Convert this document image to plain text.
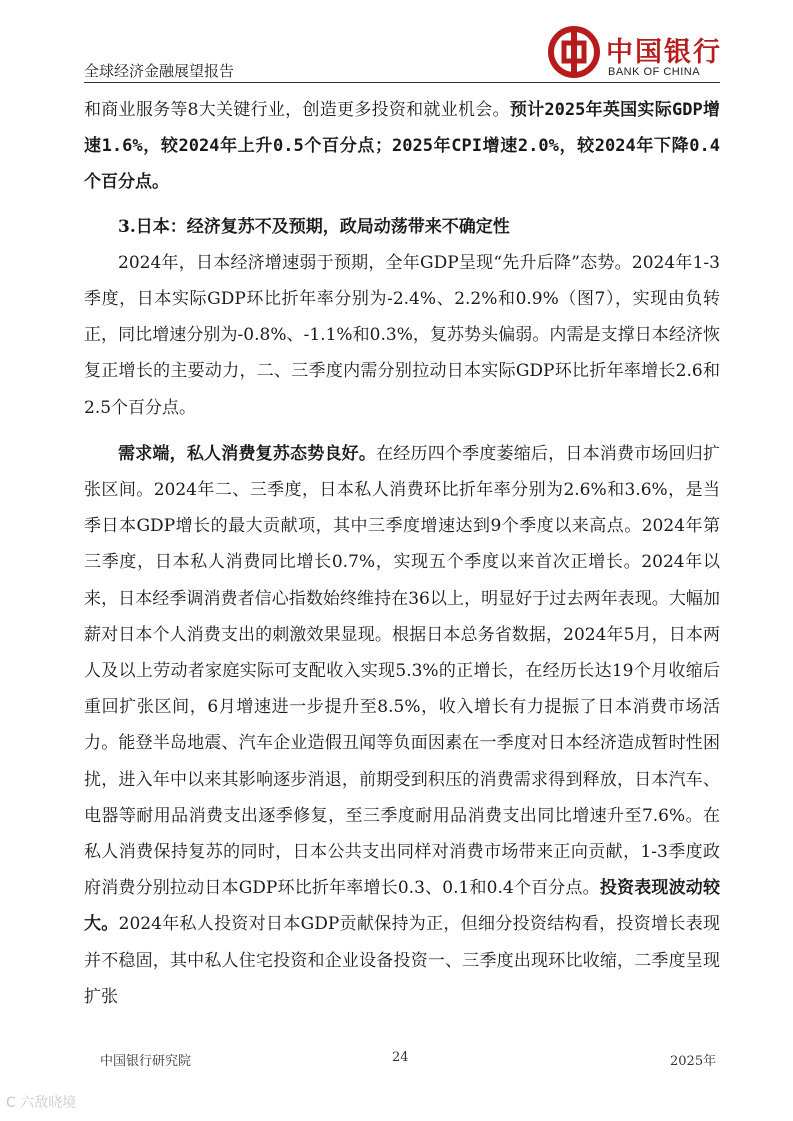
全球经济金融展望报告
中国银行
BANK OF CHINA

和商业服务等8大关键行业，创造更多投资和就业机会。预计2025年英国实际GDP增速1.6%，较2024年上升0.5个百分点；2025年CPI增速2.0%，较2024年下降0.4个百分点。

3.日本：经济复苏不及预期，政局动荡带来不确定性

2024年，日本经济增速弱于预期，全年GDP呈现“先升后降”态势。2024年1-3季度，日本实际GDP环比折年率分别为-2.4%、2.2%和0.9%（图7），实现由负转正，同比增速分别为-0.8%、-1.1%和0.3%，复苏势头偏弱。内需是支撑日本经济恢复正增长的主要动力，二、三季度内需分别拉动日本实际GDP环比折年率增长2.6和2.5个百分点。

需求端，私人消费复苏态势良好。在经历四个季度萎缩后，日本消费市场回归扩张区间。2024年二、三季度，日本私人消费环比折年率分别为2.6%和3.6%，是当季日本GDP增长的最大贡献项，其中三季度增速达到9个季度以来高点。2024年第三季度，日本私人消费同比增长0.7%，实现五个季度以来首次正增长。2024年以来，日本经季调消费者信心指数始终维持在36以上，明显好于过去两年表现。大幅加薪对日本个人消费支出的刺激效果显现。根据日本总务省数据，2024年5月，日本两人及以上劳动者家庭实际可支配收入实现5.3%的正增长，在经历长达19个月收缩后重回扩张区间，6月增速进一步提升至8.5%，收入增长有力提振了日本消费市场活力。能登半岛地震、汽车企业造假丑闻等负面因素在一季度对日本经济造成暂时性困扰，进入年中以来其影响逐步消退，前期受到积压的消费需求得到释放，日本汽车、电器等耐用品消费支出逐季修复，至三季度耐用品消费支出同比增速升至7.6%。在私人消费保持复苏的同时，日本公共支出同样对消费市场带来正向贡献，1-3季度政府消费分别拉动日本GDP环比折年率增长0.3、0.1和0.4个百分点。投资表现波动较大。2024年私人投资对日本GDP贡献保持为正，但细分投资结构看，投资增长表现并不稳固，其中私人住宅投资和企业设备投资一、三季度出现环比收缩，二季度呈现扩张

中国银行研究院	24	2025年
C 六敌晓境
